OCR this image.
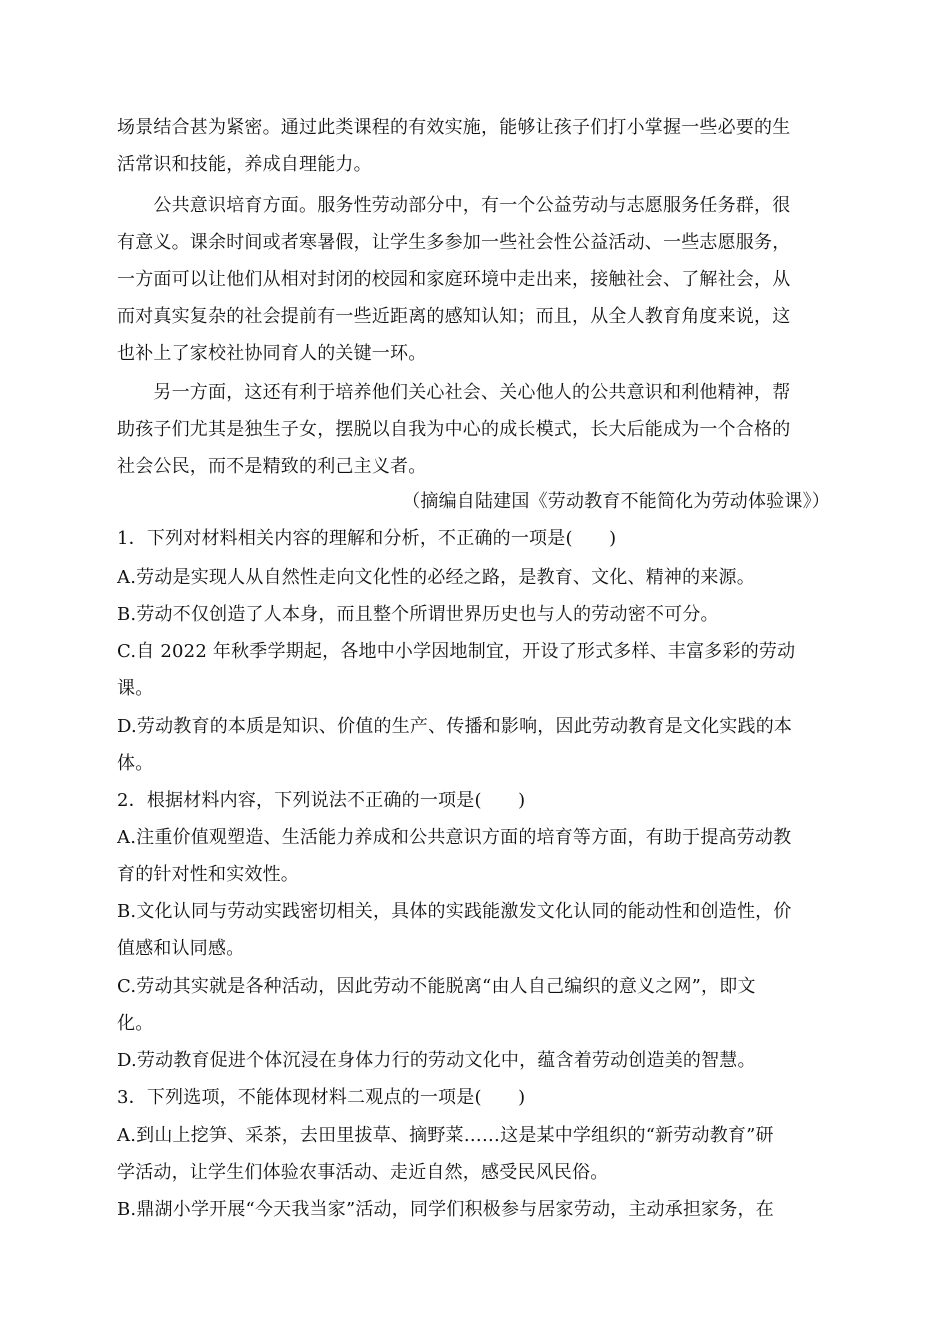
场景结合甚为紧密。通过此类课程的有效实施，能够让孩子们打小掌握一些必要的生
活常识和技能，养成自理能力。
　　公共意识培育方面。服务性劳动部分中，有一个公益劳动与志愿服务任务群，很
有意义。课余时间或者寒暑假，让学生多参加一些社会性公益活动、一些志愿服务，
一方面可以让他们从相对封闭的校园和家庭环境中走出来，接触社会、了解社会，从
而对真实复杂的社会提前有一些近距离的感知认知；而且，从全人教育角度来说，这
也补上了家校社协同育人的关键一环。
　　另一方面，这还有利于培养他们关心社会、关心他人的公共意识和利他精神，帮
助孩子们尤其是独生子女，摆脱以自我为中心的成长模式，长大后能成为一个合格的
社会公民，而不是精致的利己主义者。
（摘编自陆建国《劳动教育不能简化为劳动体验课》）
1．下列对材料相关内容的理解和分析，不正确的一项是(　　)
A.劳动是实现人从自然性走向文化性的必经之路，是教育、文化、精神的来源。
B.劳动不仅创造了人本身，而且整个所谓世界历史也与人的劳动密不可分。
C.自 2022 年秋季学期起，各地中小学因地制宜，开设了形式多样、丰富多彩的劳动
课。
D.劳动教育的本质是知识、价值的生产、传播和影响，因此劳动教育是文化实践的本
体。
2．根据材料内容，下列说法不正确的一项是(　　)
A.注重价值观塑造、生活能力养成和公共意识方面的培育等方面，有助于提高劳动教
育的针对性和实效性。
B.文化认同与劳动实践密切相关，具体的实践能激发文化认同的能动性和创造性，价
值感和认同感。
C.劳动其实就是各种活动，因此劳动不能脱离“由人自己编织的意义之网”，即文
化。
D.劳动教育促进个体沉浸在身体力行的劳动文化中，蕴含着劳动创造美的智慧。
3．下列选项，不能体现材料二观点的一项是(　　)
A.到山上挖笋、采茶，去田里拔草、摘野菜……这是某中学组织的“新劳动教育”研
学活动，让学生们体验农事活动、走近自然，感受民风民俗。
B.鼎湖小学开展“今天我当家”活动，同学们积极参与居家劳动，主动承担家务，在
